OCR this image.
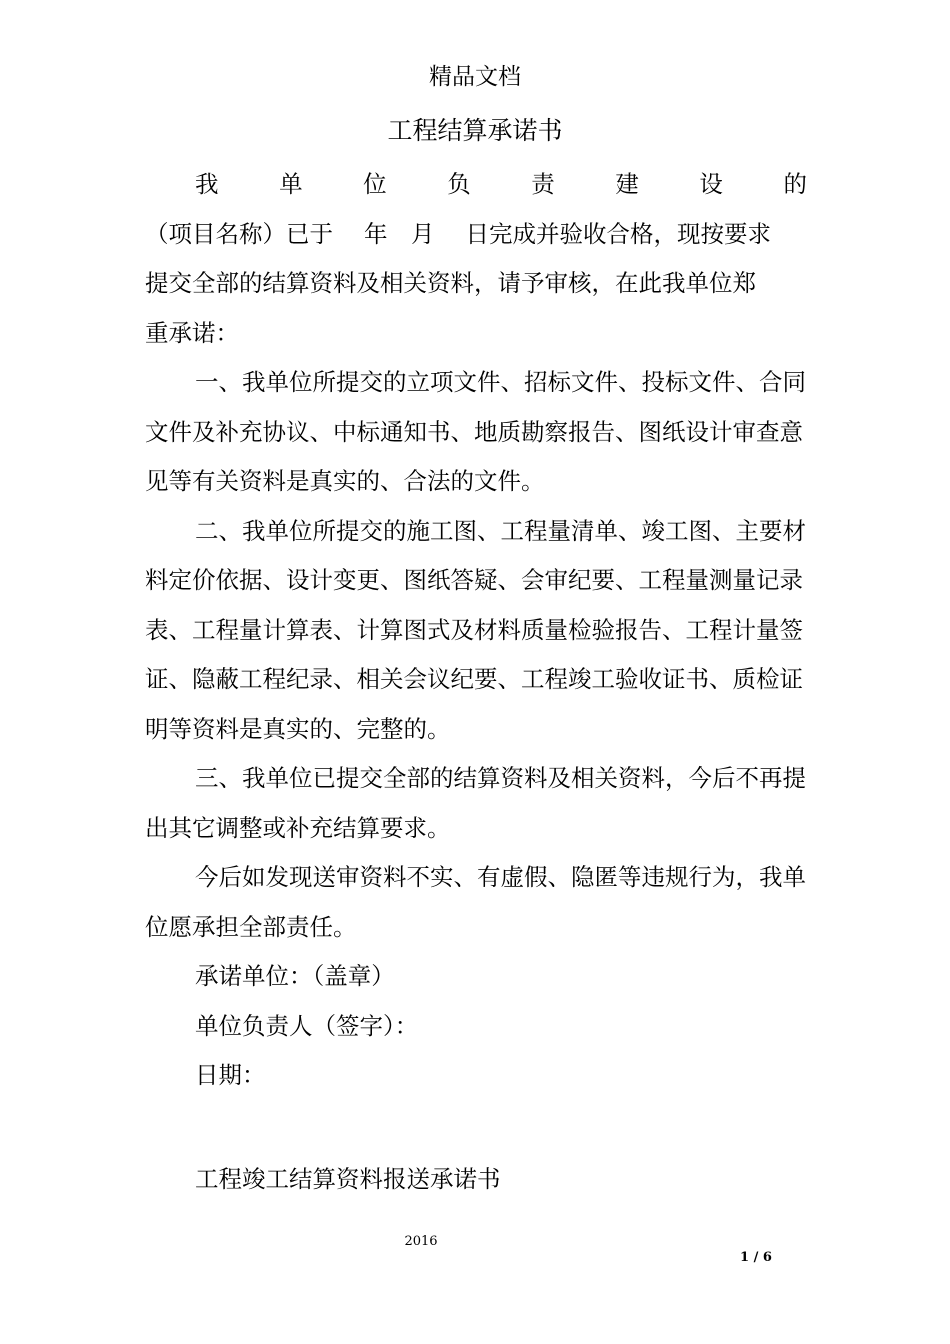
精品文档
工程结算承诺书
我	单	位	负	责	建	设	的

（项目名称）已于　 年　月　 日完成并验收合格，现按要求

提交全部的结算资料及相关资料，请予审核，在此我单位郑

重承诺：

一、我单位所提交的立项文件、招标文件、投标文件、合同文件及补充协议、中标通知书、地质勘察报告、图纸设计审查意见等有关资料是真实的、合法的文件。

二、我单位所提交的施工图、工程量清单、竣工图、主要材料定价依据、设计变更、图纸答疑、会审纪要、工程量测量记录表、工程量计算表、计算图式及材料质量检验报告、工程计量签证、隐蔽工程纪录、相关会议纪要、工程竣工验收证书、质检证明等资料是真实的、完整的。

三、我单位已提交全部的结算资料及相关资料，今后不再提出其它调整或补充结算要求。

今后如发现送审资料不实、有虚假、隐匿等违规行为，我单位愿承担全部责任。

承诺单位：（盖章）

单位负责人（签字）：

日期：

工程竣工结算资料报送承诺书
2016
1 / 6
